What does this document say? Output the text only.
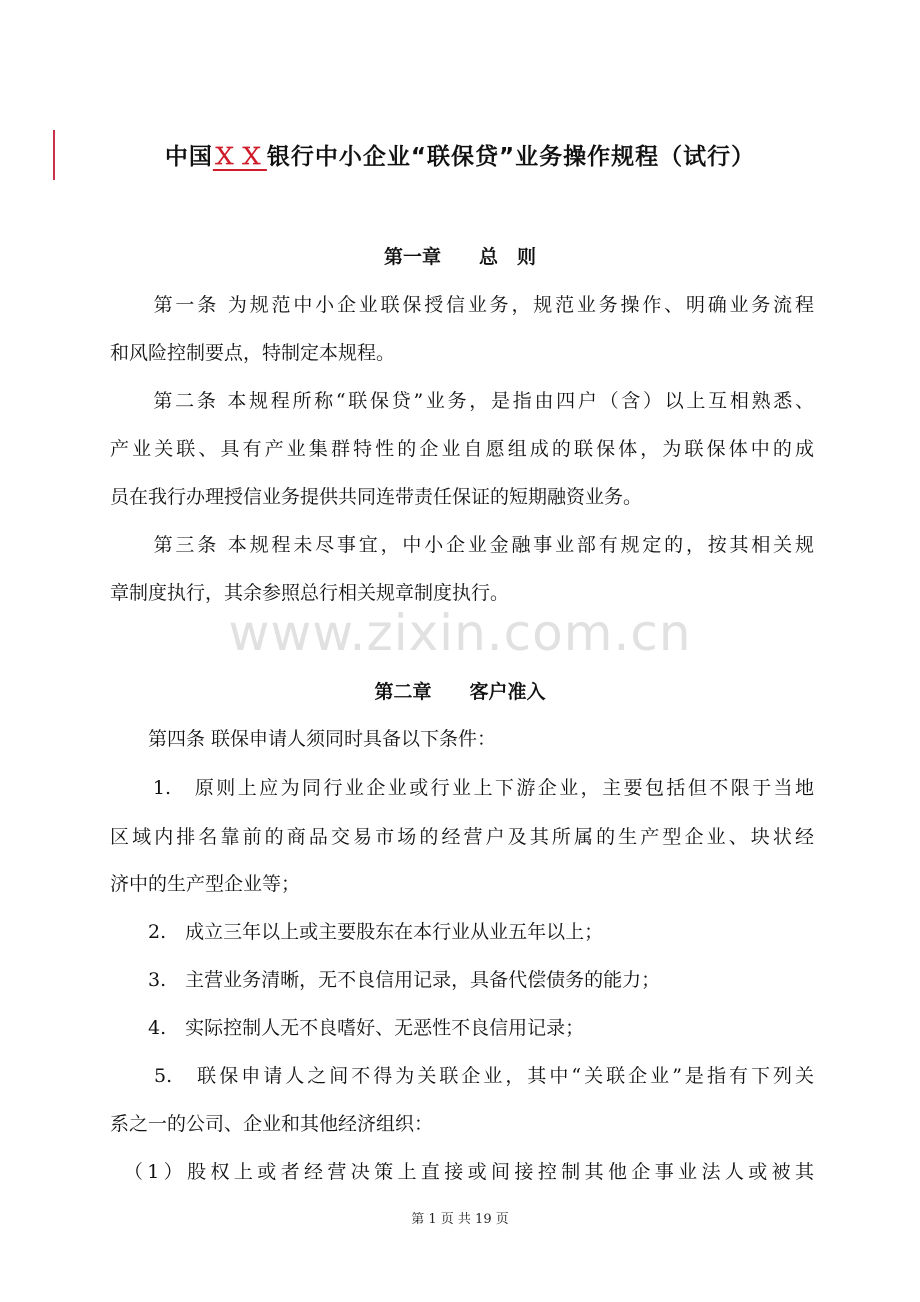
中国ＸＸ银行中小企业“联保贷”业务操作规程（试行）
第一章　　总　则
　　第一条 为规范中小企业联保授信业务，规范业务操作、明确业务流程
和风险控制要点，特制定本规程。
　　第二条 本规程所称“联保贷”业务，是指由四户（含）以上互相熟悉、
产业关联、具有产业集群特性的企业自愿组成的联保体，为联保体中的成
员在我行办理授信业务提供共同连带责任保证的短期融资业务。
　　第三条 本规程未尽事宜，中小企业金融事业部有规定的，按其相关规
章制度执行，其余参照总行相关规章制度执行。
www.zixin.com.cn
第二章　　客户准入
　　第四条 联保申请人须同时具备以下条件：
　　1.　原则上应为同行业企业或行业上下游企业，主要包括但不限于当地
区域内排名靠前的商品交易市场的经营户及其所属的生产型企业、块状经
济中的生产型企业等；
　　2.　成立三年以上或主要股东在本行业从业五年以上；
　　3.　主营业务清晰，无不良信用记录，具备代偿债务的能力；
　　4.　实际控制人无不良嗜好、无恶性不良信用记录；
　　5.　联保申请人之间不得为关联企业，其中“关联企业”是指有下列关
系之一的公司、企业和其他经济组织：
　（1）股权上或者经营决策上直接或间接控制其他企事业法人或被其
第 1 页 共 19 页
